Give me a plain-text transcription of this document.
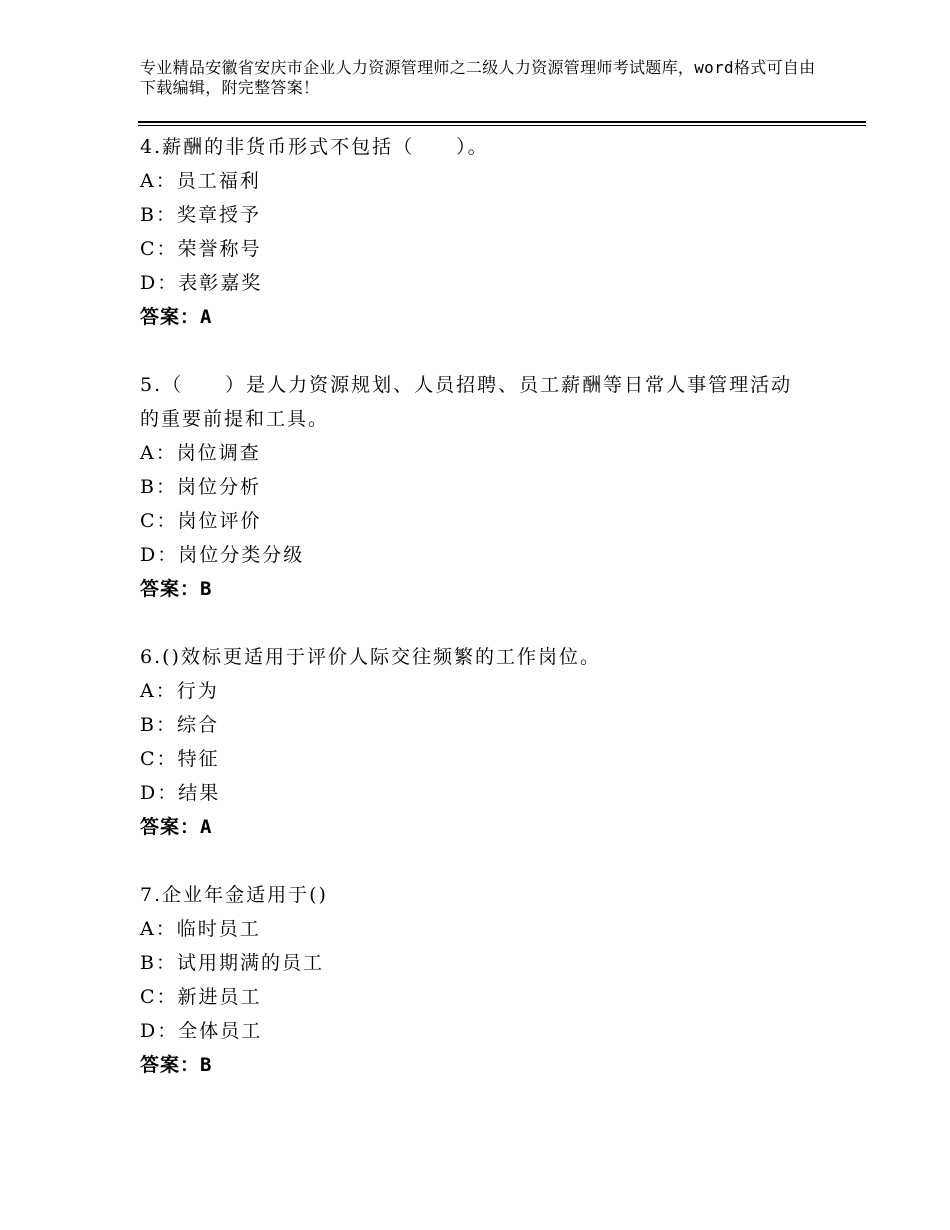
专业精品安徽省安庆市企业人力资源管理师之二级人力资源管理师考试题库，word格式可自由下载编辑，附完整答案！
4.薪酬的非货币形式不包括（　　）。
A：员工福利
B：奖章授予
C：荣誉称号
D：表彰嘉奖
答案：A
5.（　　）是人力资源规划、人员招聘、员工薪酬等日常人事管理活动的重要前提和工具。
A：岗位调查
B：岗位分析
C：岗位评价
D：岗位分类分级
答案：B
6.()效标更适用于评价人际交往频繁的工作岗位。
A：行为
B：综合
C：特征
D：结果
答案：A
7.企业年金适用于()
A：临时员工
B：试用期满的员工
C：新进员工
D：全体员工
答案：B
